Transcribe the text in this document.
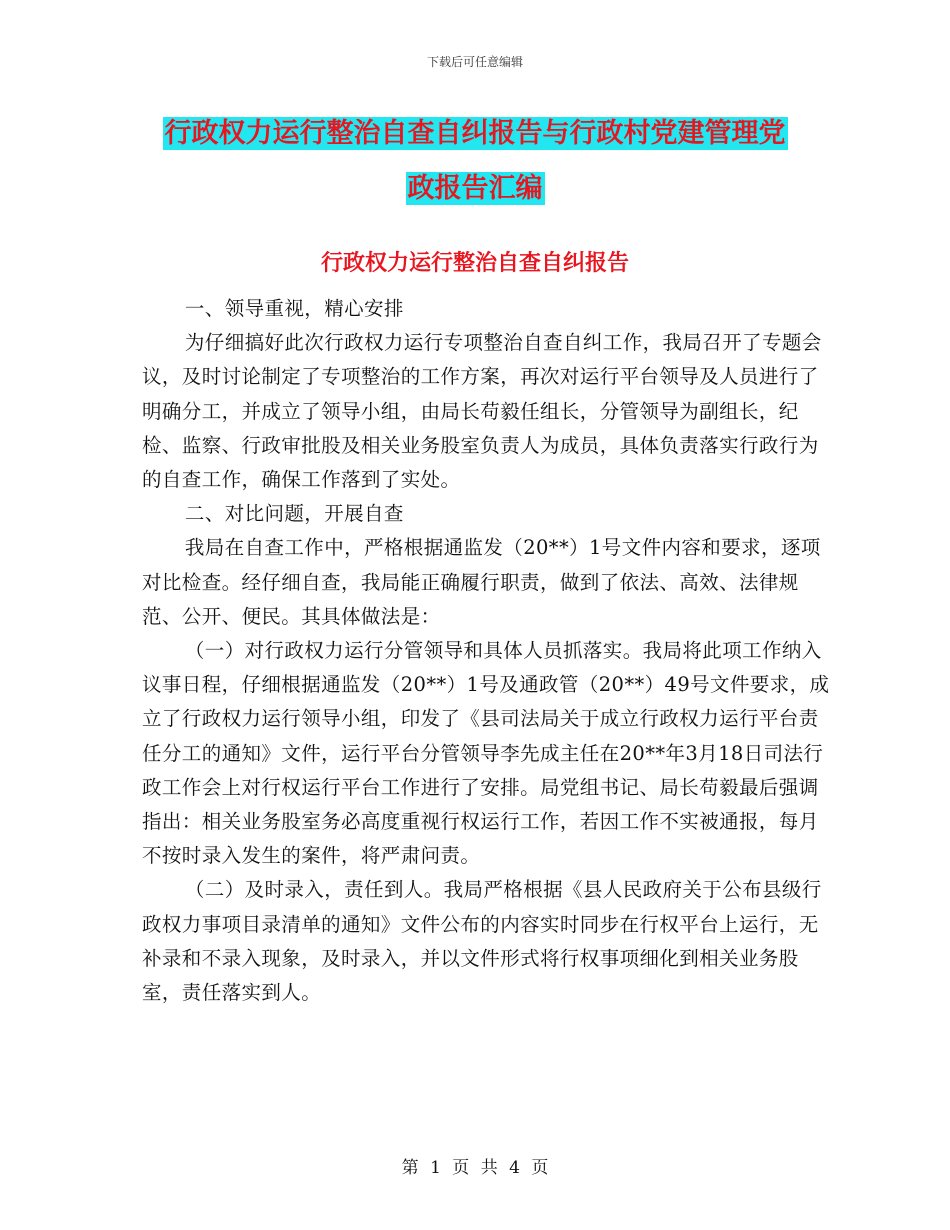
下载后可任意编辑
行政权力运行整治自查自纠报告与行政村党建管理党
政报告汇编
行政权力运行整治自查自纠报告

一、领导重视，精心安排

为仔细搞好此次行政权力运行专项整治自查自纠工作，我局召开了专题会议，及时讨论制定了专项整治的工作方案，再次对运行平台领导及人员进行了明确分工，并成立了领导小组，由局长苟毅任组长，分管领导为副组长，纪检、监察、行政审批股及相关业务股室负责人为成员，具体负责落实行政行为的自查工作，确保工作落到了实处。

二、对比问题，开展自查

我局在自查工作中，严格根据通监发（20**）1号文件内容和要求，逐项对比检查。经仔细自查，我局能正确履行职责，做到了依法、高效、法律规范、公开、便民。其具体做法是：

（一）对行政权力运行分管领导和具体人员抓落实。我局将此项工作纳入议事日程，仔细根据通监发（20**）1号及通政管（20**）49号文件要求，成立了行政权力运行领导小组，印发了《县司法局关于成立行政权力运行平台责任分工的通知》文件，运行平台分管领导李先成主任在20**年3月18日司法行政工作会上对行权运行平台工作进行了安排。局党组书记、局长苟毅最后强调指出：相关业务股室务必高度重视行权运行工作，若因工作不实被通报，每月不按时录入发生的案件，将严肃问责。

（二）及时录入，责任到人。我局严格根据《县人民政府关于公布县级行政权力事项目录清单的通知》文件公布的内容实时同步在行权平台上运行，无补录和不录入现象，及时录入，并以文件形式将行权事项细化到相关业务股室，责任落实到人。

第 1 页 共 4 页
